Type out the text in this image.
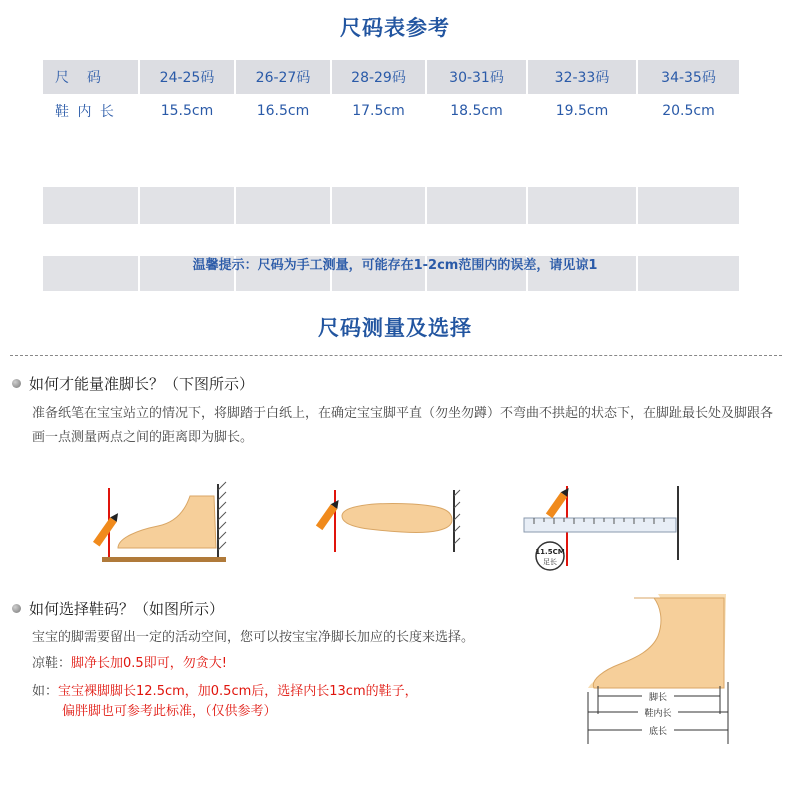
尺码表参考
尺　码	24-25码	26-27码	28-29码	30-31码	32-33码	34-35码
鞋 内 长	15.5cm	16.5cm	17.5cm	18.5cm	19.5cm	20.5cm
温馨提示：尺码为手工测量，可能存在1-2cm范围内的误差，请见谅1
尺码测量及选择
如何才能量准脚长？（下图所示）
准备纸笔在宝宝站立的情况下，将脚踏于白纸上，在确定宝宝脚平直（勿坐勿蹲）不弯曲不拱起的状态下，在脚趾最长处及脚跟各画一点测量两点之间的距离即为脚长。
11.5CM
足长
如何选择鞋码？（如图所示）
宝宝的脚需要留出一定的活动空间，您可以按宝宝净脚长加应的长度来选择。
凉鞋：脚净长加0.5即可，勿贪大!
如：宝宝裸脚脚长12.5cm，加0.5cm后，选择内长13cm的鞋子，
偏胖脚也可参考此标准，（仅供参考）
脚长
鞋内长
底长
